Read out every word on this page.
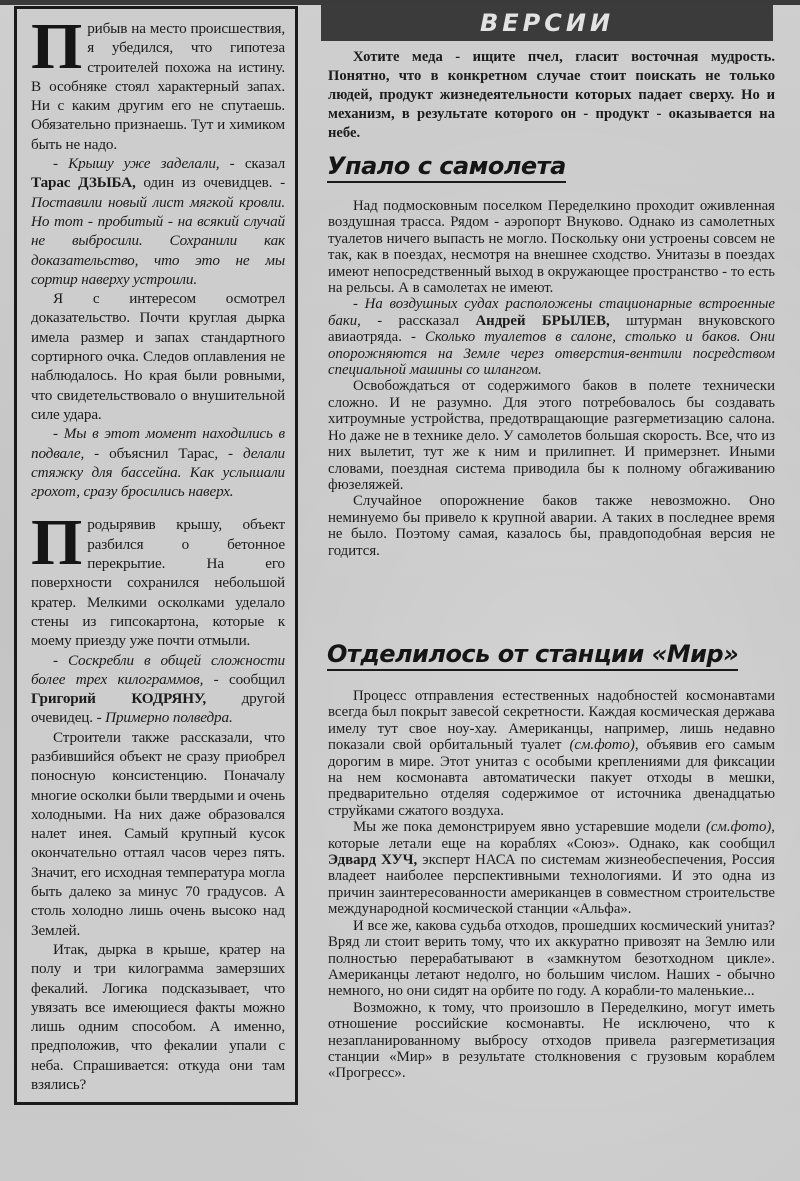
Прибыв на место происшествия, я убедился, что гипотеза строителей похожа на истину. В особняке стоял характерный запах. Ни с каким другим его не спутаешь. Обязательно признаешь. Тут и химиком быть не надо.

- Крышу уже заделали, - сказал Тарас ДЗЫБА, один из очевидцев. - Поставили новый лист мягкой кровли. Но тот - пробитый - на всякий случай не выбросили. Сохранили как доказательство, что это не мы сортир наверху устроили.

Я с интересом осмотрел доказательство. Почти круглая дырка имела размер и запах стандартного сортирного очка. Следов оплавления не наблюдалось. Но края были ровными, что свидетельствовало о внушительной силе удара.

- Мы в этот момент находились в подвале, - объяснил Тарас, - делали стяжку для бассейна. Как услышали грохот, сразу бросились наверх.

Продырявив крышу, объект разбился о бетонное перекрытие. На его поверхности сохранился небольшой кратер. Мелкими осколками уделало стены из гипсокартона, которые к моему приезду уже почти отмыли.

- Соскребли в общей сложности более трех килограммов, - сообщил Григорий КОДРЯНУ, другой очевидец. - Примерно полведра.

Строители также рассказали, что разбившийся объект не сразу приобрел поносную консистенцию. Поначалу многие осколки были твердыми и очень холодными. На них даже образовался налет инея. Самый крупный кусок окончательно оттаял часов через пять. Значит, его исходная температура могла быть далеко за минус 70 градусов. А столь холодно лишь очень высоко над Землей.

Итак, дырка в крыше, кратер на полу и три килограмма замерзших фекалий. Логика подсказывает, что увязать все имеющиеся факты можно лишь одним способом. А именно, предположив, что фекалии упали с неба. Спрашивается: откуда они там взялись?

ВЕРСИИ

Хотите меда - ищите пчел, гласит восточная мудрость. Понятно, что в конкретном случае стоит поискать не только людей, продукт жизнедеятельности которых падает сверху. Но и механизм, в результате которого он - продукт - оказывается на небе.

Упало с самолета

Над подмосковным поселком Переделкино проходит оживленная воздушная трасса. Рядом - аэропорт Внуково. Однако из самолетных туалетов ничего выпасть не могло. Поскольку они устроены совсем не так, как в поездах, несмотря на внешнее сходство. Унитазы в поездах имеют непосредственный выход в окружающее пространство - то есть на рельсы. А в самолетах не имеют.

- На воздушных судах расположены стационарные встроенные баки, - рассказал Андрей БРЫЛЕВ, штурман внуковского авиаотряда. - Сколько туалетов в салоне, столько и баков. Они опорожняются на Земле через отверстия-вентили посредством специальной машины со шлангом.

Освобождаться от содержимого баков в полете технически сложно. И не разумно. Для этого потребовалось бы создавать хитроумные устройства, предотвращающие разгерметизацию салона. Но даже не в технике дело. У самолетов большая скорость. Все, что из них вылетит, тут же к ним и прилипнет. И примерзнет. Иными словами, поездная система приводила бы к полному обгаживанию фюзеляжей.

Случайное опорожнение баков также невозможно. Оно неминуемо бы привело к крупной аварии. А таких в последнее время не было. Поэтому самая, казалось бы, правдоподобная версия не годится.

Отделилось от станции «Мир»

Процесс отправления естественных надобностей космонавтами всегда был покрыт завесой секретности. Каждая космическая держава имелу тут свое ноу-хау. Американцы, например, лишь недавно показали свой орбитальный туалет (см.фото), объявив его самым дорогим в мире. Этот унитаз с особыми креплениями для фиксации на нем космонавта автоматически пакует отходы в мешки, предварительно отделяя содержимое от источника двенадцатью струйками сжатого воздуха.

Мы же пока демонстрируем явно устаревшие модели (см.фото), которые летали еще на кораблях «Союз». Однако, как сообщил Эдвард ХУЧ, эксперт НАСА по системам жизнеобеспечения, Россия владеет наиболее перспективными технологиями. И это одна из причин заинтересованности американцев в совместном строительстве международной космической станции «Альфа».

И все же, какова судьба отходов, прошедших космический унитаз? Вряд ли стоит верить тому, что их аккуратно привозят на Землю или полностью перерабатывают в «замкнутом безотходном цикле». Американцы летают недолго, но большим числом. Наших - обычно немного, но они сидят на орбите по году. А корабли-то маленькие...

Возможно, к тому, что произошло в Переделкино, могут иметь отношение российские космонавты. Не исключено, что к незапланированному выбросу отходов привела разгерметизация станции «Мир» в результате столкновения с грузовым кораблем «Прогресс».
